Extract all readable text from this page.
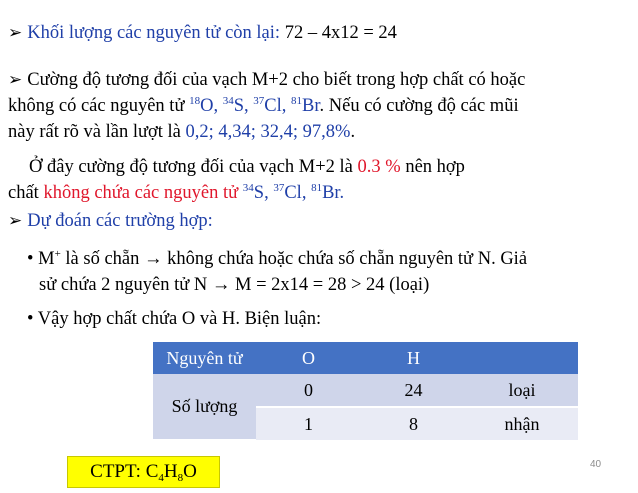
➢ Khối lượng các nguyên tử còn lại: 72 – 4x12 = 24
➢ Cường độ tương đối của vạch M+2 cho biết trong hợp chất có hoặc
không có các nguyên tử $^{18}$O, $^{34}$S, $^{37}$Cl, $^{81}$Br. Nếu có cường độ các mũi
này rất rõ và lần lượt là 0,2; 4,34; 32,4; 97,8%.
Ở đây cường độ tương đối của vạch M+2 là 0.3 % nên hợp
chất không chứa các nguyên tử $^{34}$S, $^{37}$Cl, $^{81}$Br.
➢ Dự đoán các trường hợp:
• M+ là số chẵn → không chứa hoặc chứa số chẵn nguyên tử N. Giả
sử chứa 2 nguyên tử N → M = 2x14 = 28 > 24 (loại)
• Vậy hợp chất chứa O và H. Biện luận:
Nguyên tử	O	H	
Số lượng	0	24	loại
	1	8	nhận
CTPT: $C_4H_8O$	40
